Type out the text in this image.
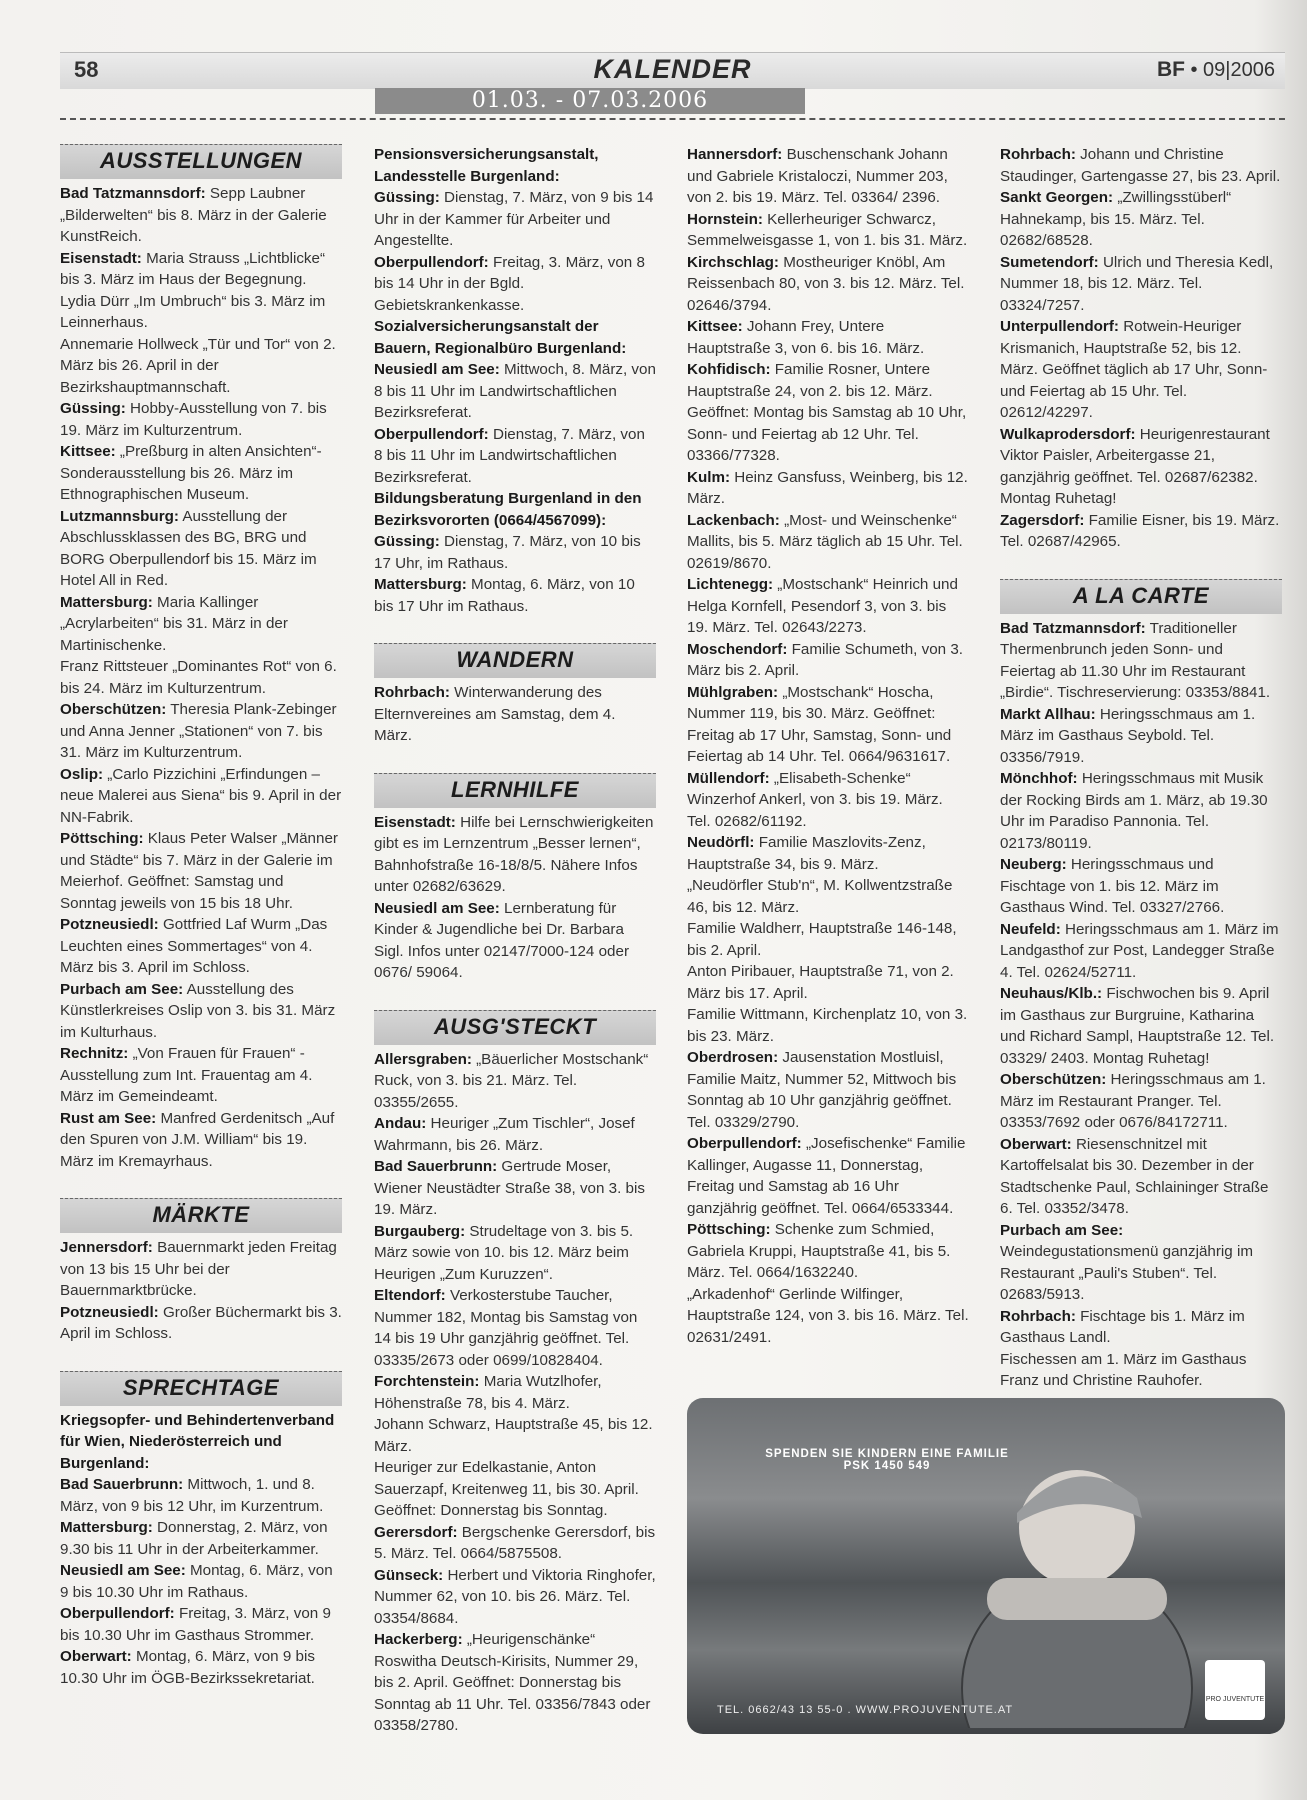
58	KALENDER	BF • 09|2006
01.03. - 07.03.2006
AUSSTELLUNGEN

Bad Tatzmannsdorf: Sepp Laubner „Bilderwelten“ bis 8. März in der Galerie KunstReich.

Eisenstadt: Maria Strauss „Lichtblicke“ bis 3. März im Haus der Begegnung.

Lydia Dürr „Im Umbruch“ bis 3. März im Leinnerhaus.

Annemarie Hollweck „Tür und Tor“ von 2. März bis 26. April in der Bezirkshauptmannschaft.

Güssing: Hobby-Ausstellung von 7. bis 19. März im Kulturzentrum.

Kittsee: „Preßburg in alten Ansichten“- Sonderausstellung bis 26. März im Ethnographischen Museum.

Lutzmannsburg: Ausstellung der Abschlussklassen des BG, BRG und BORG Oberpullendorf bis 15. März im Hotel All in Red.

Mattersburg: Maria Kallinger „Acrylarbeiten“ bis 31. März in der Martinischenke.

Franz Rittsteuer „Dominantes Rot“ von 6. bis 24. März im Kulturzentrum.

Oberschützen: Theresia Plank-Zebinger und Anna Jenner „Stationen“ von 7. bis 31. März im Kulturzentrum.

Oslip: „Carlo Pizzichini „Erfindungen – neue Malerei aus Siena“ bis 9. April in der NN-Fabrik.

Pöttsching: Klaus Peter Walser „Männer und Städte“ bis 7. März in der Galerie im Meierhof. Geöffnet: Samstag und Sonntag jeweils von 15 bis 18 Uhr.

Potzneusiedl: Gottfried Laf Wurm „Das Leuchten eines Sommertages“ von 4. März bis 3. April im Schloss.

Purbach am See: Ausstellung des Künstlerkreises Oslip von 3. bis 31. März im Kulturhaus.

Rechnitz: „Von Frauen für Frauen“ - Ausstellung zum Int. Frauentag am 4. März im Gemeindeamt.

Rust am See: Manfred Gerdenitsch „Auf den Spuren von J.M. William“ bis 19. März im Kremayrhaus.

MÄRKTE

Jennersdorf: Bauernmarkt jeden Freitag von 13 bis 15 Uhr bei der Bauernmarktbrücke.

Potzneusiedl: Großer Büchermarkt bis 3. April im Schloss.

SPRECHTAGE

Kriegsopfer- und Behindertenverband für Wien, Niederösterreich und Burgenland:

Bad Sauerbrunn: Mittwoch, 1. und 8. März, von 9 bis 12 Uhr, im Kurzentrum.

Mattersburg: Donnerstag, 2. März, von 9.30 bis 11 Uhr in der Arbeiterkammer.

Neusiedl am See: Montag, 6. März, von 9 bis 10.30 Uhr im Rathaus.

Oberpullendorf: Freitag, 3. März, von 9 bis 10.30 Uhr im Gasthaus Strommer.

Oberwart: Montag, 6. März, von 9 bis 10.30 Uhr im ÖGB-Bezirkssekretariat.

Pensionsversicherungsanstalt, Landesstelle Burgenland:

Güssing: Dienstag, 7. März, von 9 bis 14 Uhr in der Kammer für Arbeiter und Angestellte.

Oberpullendorf: Freitag, 3. März, von 8 bis 14 Uhr in der Bgld. Gebietskrankenkasse.

Sozialversicherungsanstalt der Bauern, Regionalbüro Burgenland:

Neusiedl am See: Mittwoch, 8. März, von 8 bis 11 Uhr im Landwirtschaftlichen Bezirksreferat.

Oberpullendorf: Dienstag, 7. März, von 8 bis 11 Uhr im Landwirtschaftlichen Bezirksreferat.

Bildungsberatung Burgenland in den Bezirksvororten (0664/4567099):

Güssing: Dienstag, 7. März, von 10 bis 17 Uhr, im Rathaus.

Mattersburg: Montag, 6. März, von 10 bis 17 Uhr im Rathaus.

WANDERN

Rohrbach: Winterwanderung des Elternvereines am Samstag, dem 4. März.

LERNHILFE

Eisenstadt: Hilfe bei Lernschwierigkeiten gibt es im Lernzentrum „Besser lernen“, Bahnhofstraße 16-18/8/5. Nähere Infos unter 02682/63629.

Neusiedl am See: Lernberatung für Kinder & Jugendliche bei Dr. Barbara Sigl. Infos unter 02147/7000-124 oder 0676/ 59064.

AUSG'STECKT

Allersgraben: „Bäuerlicher Mostschank“ Ruck, von 3. bis 21. März. Tel. 03355/2655.

Andau: Heuriger „Zum Tischler“, Josef Wahrmann, bis 26. März.

Bad Sauerbrunn: Gertrude Moser, Wiener Neustädter Straße 38, von 3. bis 19. März.

Burgauberg: Strudeltage von 3. bis 5. März sowie von 10. bis 12. März beim Heurigen „Zum Kuruzzen“.

Eltendorf: Verkosterstube Taucher, Nummer 182, Montag bis Samstag von 14 bis 19 Uhr ganzjährig geöffnet. Tel. 03335/2673 oder 0699/10828404.

Forchtenstein: Maria Wutzlhofer, Höhenstraße 78, bis 4. März.

Johann Schwarz, Hauptstraße 45, bis 12. März.

Heuriger zur Edelkastanie, Anton Sauerzapf, Kreitenweg 11, bis 30. April. Geöffnet: Donnerstag bis Sonntag.

Gerersdorf: Bergschenke Gerersdorf, bis 5. März. Tel. 0664/5875508.

Günseck: Herbert und Viktoria Ringhofer, Nummer 62, von 10. bis 26. März. Tel. 03354/8684.

Hackerberg: „Heurigenschänke“ Roswitha Deutsch-Kirisits, Nummer 29, bis 2. April. Geöffnet: Donnerstag bis Sonntag ab 11 Uhr. Tel. 03356/7843 oder 03358/2780.

Hannersdorf: Buschenschank Johann und Gabriele Kristaloczi, Nummer 203, von 2. bis 19. März. Tel. 03364/ 2396.

Hornstein: Kellerheuriger Schwarcz, Semmelweisgasse 1, von 1. bis 31. März.

Kirchschlag: Mostheuriger Knöbl, Am Reissenbach 80, von 3. bis 12. März. Tel. 02646/3794.

Kittsee: Johann Frey, Untere Hauptstraße 3, von 6. bis 16. März.

Kohfidisch: Familie Rosner, Untere Hauptstraße 24, von 2. bis 12. März. Geöffnet: Montag bis Samstag ab 10 Uhr, Sonn- und Feiertag ab 12 Uhr. Tel. 03366/77328.

Kulm: Heinz Gansfuss, Weinberg, bis 12. März.

Lackenbach: „Most- und Weinschenke“ Mallits, bis 5. März täglich ab 15 Uhr. Tel. 02619/8670.

Lichtenegg: „Mostschank“ Heinrich und Helga Kornfell, Pesendorf 3, von 3. bis 19. März. Tel. 02643/2273.

Moschendorf: Familie Schumeth, von 3. März bis 2. April.

Mühlgraben: „Mostschank“ Hoscha, Nummer 119, bis 30. März. Geöffnet: Freitag ab 17 Uhr, Samstag, Sonn- und Feiertag ab 14 Uhr. Tel. 0664/9631617.

Müllendorf: „Elisabeth-Schenke“ Winzerhof Ankerl, von 3. bis 19. März. Tel. 02682/61192.

Neudörfl: Familie Maszlovits-Zenz, Hauptstraße 34, bis 9. März.

„Neudörfler Stub'n“, M. Kollwentzstraße 46, bis 12. März.

Familie Waldherr, Hauptstraße 146-148, bis 2. April.

Anton Piribauer, Hauptstraße 71, von 2. März bis 17. April.

Familie Wittmann, Kirchenplatz 10, von 3. bis 23. März.

Oberdrosen: Jausenstation Mostluisl, Familie Maitz, Nummer 52, Mittwoch bis Sonntag ab 10 Uhr ganzjährig geöffnet. Tel. 03329/2790.

Oberpullendorf: „Josefischenke“ Familie Kallinger, Augasse 11, Donnerstag, Freitag und Samstag ab 16 Uhr ganzjährig geöffnet. Tel. 0664/6533344.

Pöttsching: Schenke zum Schmied, Gabriela Kruppi, Hauptstraße 41, bis 5. März. Tel. 0664/1632240.

„Arkadenhof“ Gerlinde Wilfinger, Hauptstraße 124, von 3. bis 16. März. Tel. 02631/2491.

Rohrbach: Johann und Christine Staudinger, Gartengasse 27, bis 23. April.

Sankt Georgen: „Zwillingsstüberl“ Hahnekamp, bis 15. März. Tel. 02682/68528.

Sumetendorf: Ulrich und Theresia Kedl, Nummer 18, bis 12. März. Tel. 03324/7257.

Unterpullendorf: Rotwein-Heuriger Krismanich, Hauptstraße 52, bis 12. März. Geöffnet täglich ab 17 Uhr, Sonn- und Feiertag ab 15 Uhr. Tel. 02612/42297.

Wulkaprodersdorf: Heurigenrestaurant Viktor Paisler, Arbeitergasse 21, ganzjährig geöffnet. Tel. 02687/62382. Montag Ruhetag!

Zagersdorf: Familie Eisner, bis 19. März. Tel. 02687/42965.

A LA CARTE

Bad Tatzmannsdorf: Traditioneller Thermenbrunch jeden Sonn- und Feiertag ab 11.30 Uhr im Restaurant „Birdie“. Tischreservierung: 03353/8841.

Markt Allhau: Heringsschmaus am 1. März im Gasthaus Seybold. Tel. 03356/7919.

Mönchhof: Heringsschmaus mit Musik der Rocking Birds am 1. März, ab 19.30 Uhr im Paradiso Pannonia. Tel. 02173/80119.

Neuberg: Heringsschmaus und Fischtage von 1. bis 12. März im Gasthaus Wind. Tel. 03327/2766.

Neufeld: Heringsschmaus am 1. März im Landgasthof zur Post, Landegger Straße 4. Tel. 02624/52711.

Neuhaus/Klb.: Fischwochen bis 9. April im Gasthaus zur Burgruine, Katharina und Richard Sampl, Hauptstraße 12. Tel. 03329/ 2403. Montag Ruhetag!

Oberschützen: Heringsschmaus am 1. März im Restaurant Pranger. Tel. 03353/7692 oder 0676/84172711.

Oberwart: Riesenschnitzel mit Kartoffelsalat bis 30. Dezember in der Stadtschenke Paul, Schlaininger Straße 6. Tel. 03352/3478.

Purbach am See: Weindegustationsmenü ganzjährig im Restaurant „Pauli's Stuben“. Tel. 02683/5913.

Rohrbach: Fischtage bis 1. März im Gasthaus Landl.

Fischessen am 1. März im Gasthaus Franz und Christine Rauhofer.

SPENDEN SIE KINDERN EINE FAMILIE
PSK 1450 549
TEL. 0662/43 13 55-0 . WWW.PROJUVENTUTE.AT
PRO JUVENTUTE
